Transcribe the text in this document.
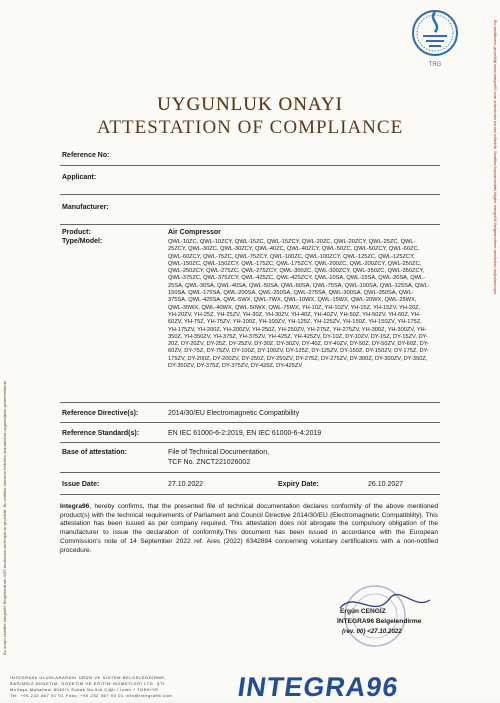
Bu onaylı sertifika Integra96 Belgelendirme GES tarafından verilmiştir ve geçerlidir. Bu sertifika ürünlerin belirtilen standartlara uygunluğunu göstermektedir.
Bu sertifikanın geçerliliği www.integra96.com adresinden kontrol edilebilir. Sertifika kapsamındaki bilgiler Integra96 Belgelendirme tarafından doğrulanmıştır.
TRG
UYGUNLUK ONAYI
ATTESTATION OF COMPLIANCE
Reference No:
Applicant:
Manufacturer:
Product:	Air Compressor
Type/Model:	QWL-10ZC, QWL-10ZCY, QWL-15ZC, QWL-15ZCY, QWL-20ZC, QWL-20ZCY, QWL-25ZC, QWL-25ZCY, QWL-30ZC, QWL-30ZCY, QWL-40ZC, QWL-40ZCY, QWL-50ZC, QWL-50ZCY, QWL-60ZC, QWL-60ZCY, QWL-75ZC, QWL-75ZCY, QWL-100ZC, QWL-100ZCY, QWL-125ZC, QWL-125ZCY, QWL-150ZC, QWL-150ZCY, QWL-175ZC, QWL-175ZCY, QWL-200ZC, QWL-200ZCY, QWL-250ZC, QWL-250ZCY, QWL-275ZC, QWL-275ZCY, QWL-300ZC, QWL-300ZCY, QWL-350ZC, QWL-350ZCY, QWL-375ZC, QWL-375ZCY, QWL-425ZC, QWL-425ZCY, QWL-10SA, QWL-15SA, QWL-20SA, QWL-25SA, QWL-30SA, QWL-40SA, QWL-50SA, QWL-60SA, QWL-75SA, QWL-100SA, QWL-125SA, QWL-150SA, QWL-175SA, QWL-200SA, QWL-250SA, QWL-275SA, QWL-300SA, QWL-350SA, QWL-375SA, QWL-425SA, QWL-5WX, QWL-7WX, QWL-10WX, QWL-15WX, QWL-20WX, QWL-25WX, QWL-30WX, QWL-40WX, QWL-50WX, QWL-75WX, YH-10Z, YH-10ZV, YH-15Z, YH-15ZV, YH-20Z, YH-20ZV, YH-25Z, YH-25ZV, YH-30Z, YH-30ZV, YH-40Z, YH-40ZV, YH-50Z, YH-50ZV, YH-60Z, YH-60ZV, YH-75Z, YH-75ZV, YH-100Z, YH-100ZV, YH-125Z, YH-125ZV, YH-150Z, YH-150ZV, YH-175Z, YH-175ZV, YH-200Z, YH-200ZV, YH-250Z, YH-250ZV, YH-275Z, YH-275ZV, YH-300Z, YH-300ZV, YH-350Z, YH-350ZV, YH-375Z, YH-375ZV, YH-425Z, YH-425ZV, DY-10Z, DY-10ZV, DY-15Z, DY-15ZV, DY-20Z, DY-20ZV, DY-25Z, DY-25ZV, DY-30Z, DY-30ZV, DY-40Z, DY-40ZV, DY-50Z, DY-50ZV, DY-60Z, DY-60ZV, DY-75Z, DY-75ZV, DY-100Z, DY-100ZV, DY-125Z, DY-125ZV, DY-150Z, DY-150ZV, DY-175Z, DY-175ZV, DY-200Z, DY-200ZV, DY-250Z, DY-250ZV, DY-275Z, DY-275ZV, DY-300Z, DY-300ZV, DY-350Z, DY-350ZV, DY-375Z, DY-375ZV, DY-425Z, DY-425ZV
Reference Directive(s):	2014/30/EU Electromagnetic Compatibility
Reference Standard(s):	EN IEC 61000-6-2:2019, EN IEC 61000-6-4:2019
Base of attestation:	File of Technical Documentation,
TCF No. ZNCT221026002
Issue Date:	27.10.2022	Expiry Date:	26.10.2027
Integra96, hereby confirms, that the presented file of technical documentation declares conformity of the above mentioned product(s) with the technical requirements of Parliament and Council Directive 2014/30/EU (Electromagnetic Compatibility). This attestation has been issued as per company required. This attestation does not abrogate the compulsory obligation of the manufacturer to issue the declaration of conformity.This document has been issued in accordance with the European Commission's note of 14 September 2022 ref. Ares (2022) 6342894 concerning voluntary certifications with a non-notified procedure.
Ergün CENGİZ
İNTEGRA96 Belgelendirme
(rev. 00) <27.10.2022
INTEGRA96 ULUSLARARASI ÜRÜN VE SİSTEM BELGELENDİRME,
BAĞIMSIZ DENETİM, GÖZETİM VE EĞİTİM HİZMETLERİ LTD. ŞTİ.
Mollaşa Mahallesi 8060/1 Sokak No:5/A Çiğli / İzmir / TÜRKİYE
Tel: +90 232 467 01 01 Faks: +90 232 467 00 01 info@integra96.com INTEGRA96
